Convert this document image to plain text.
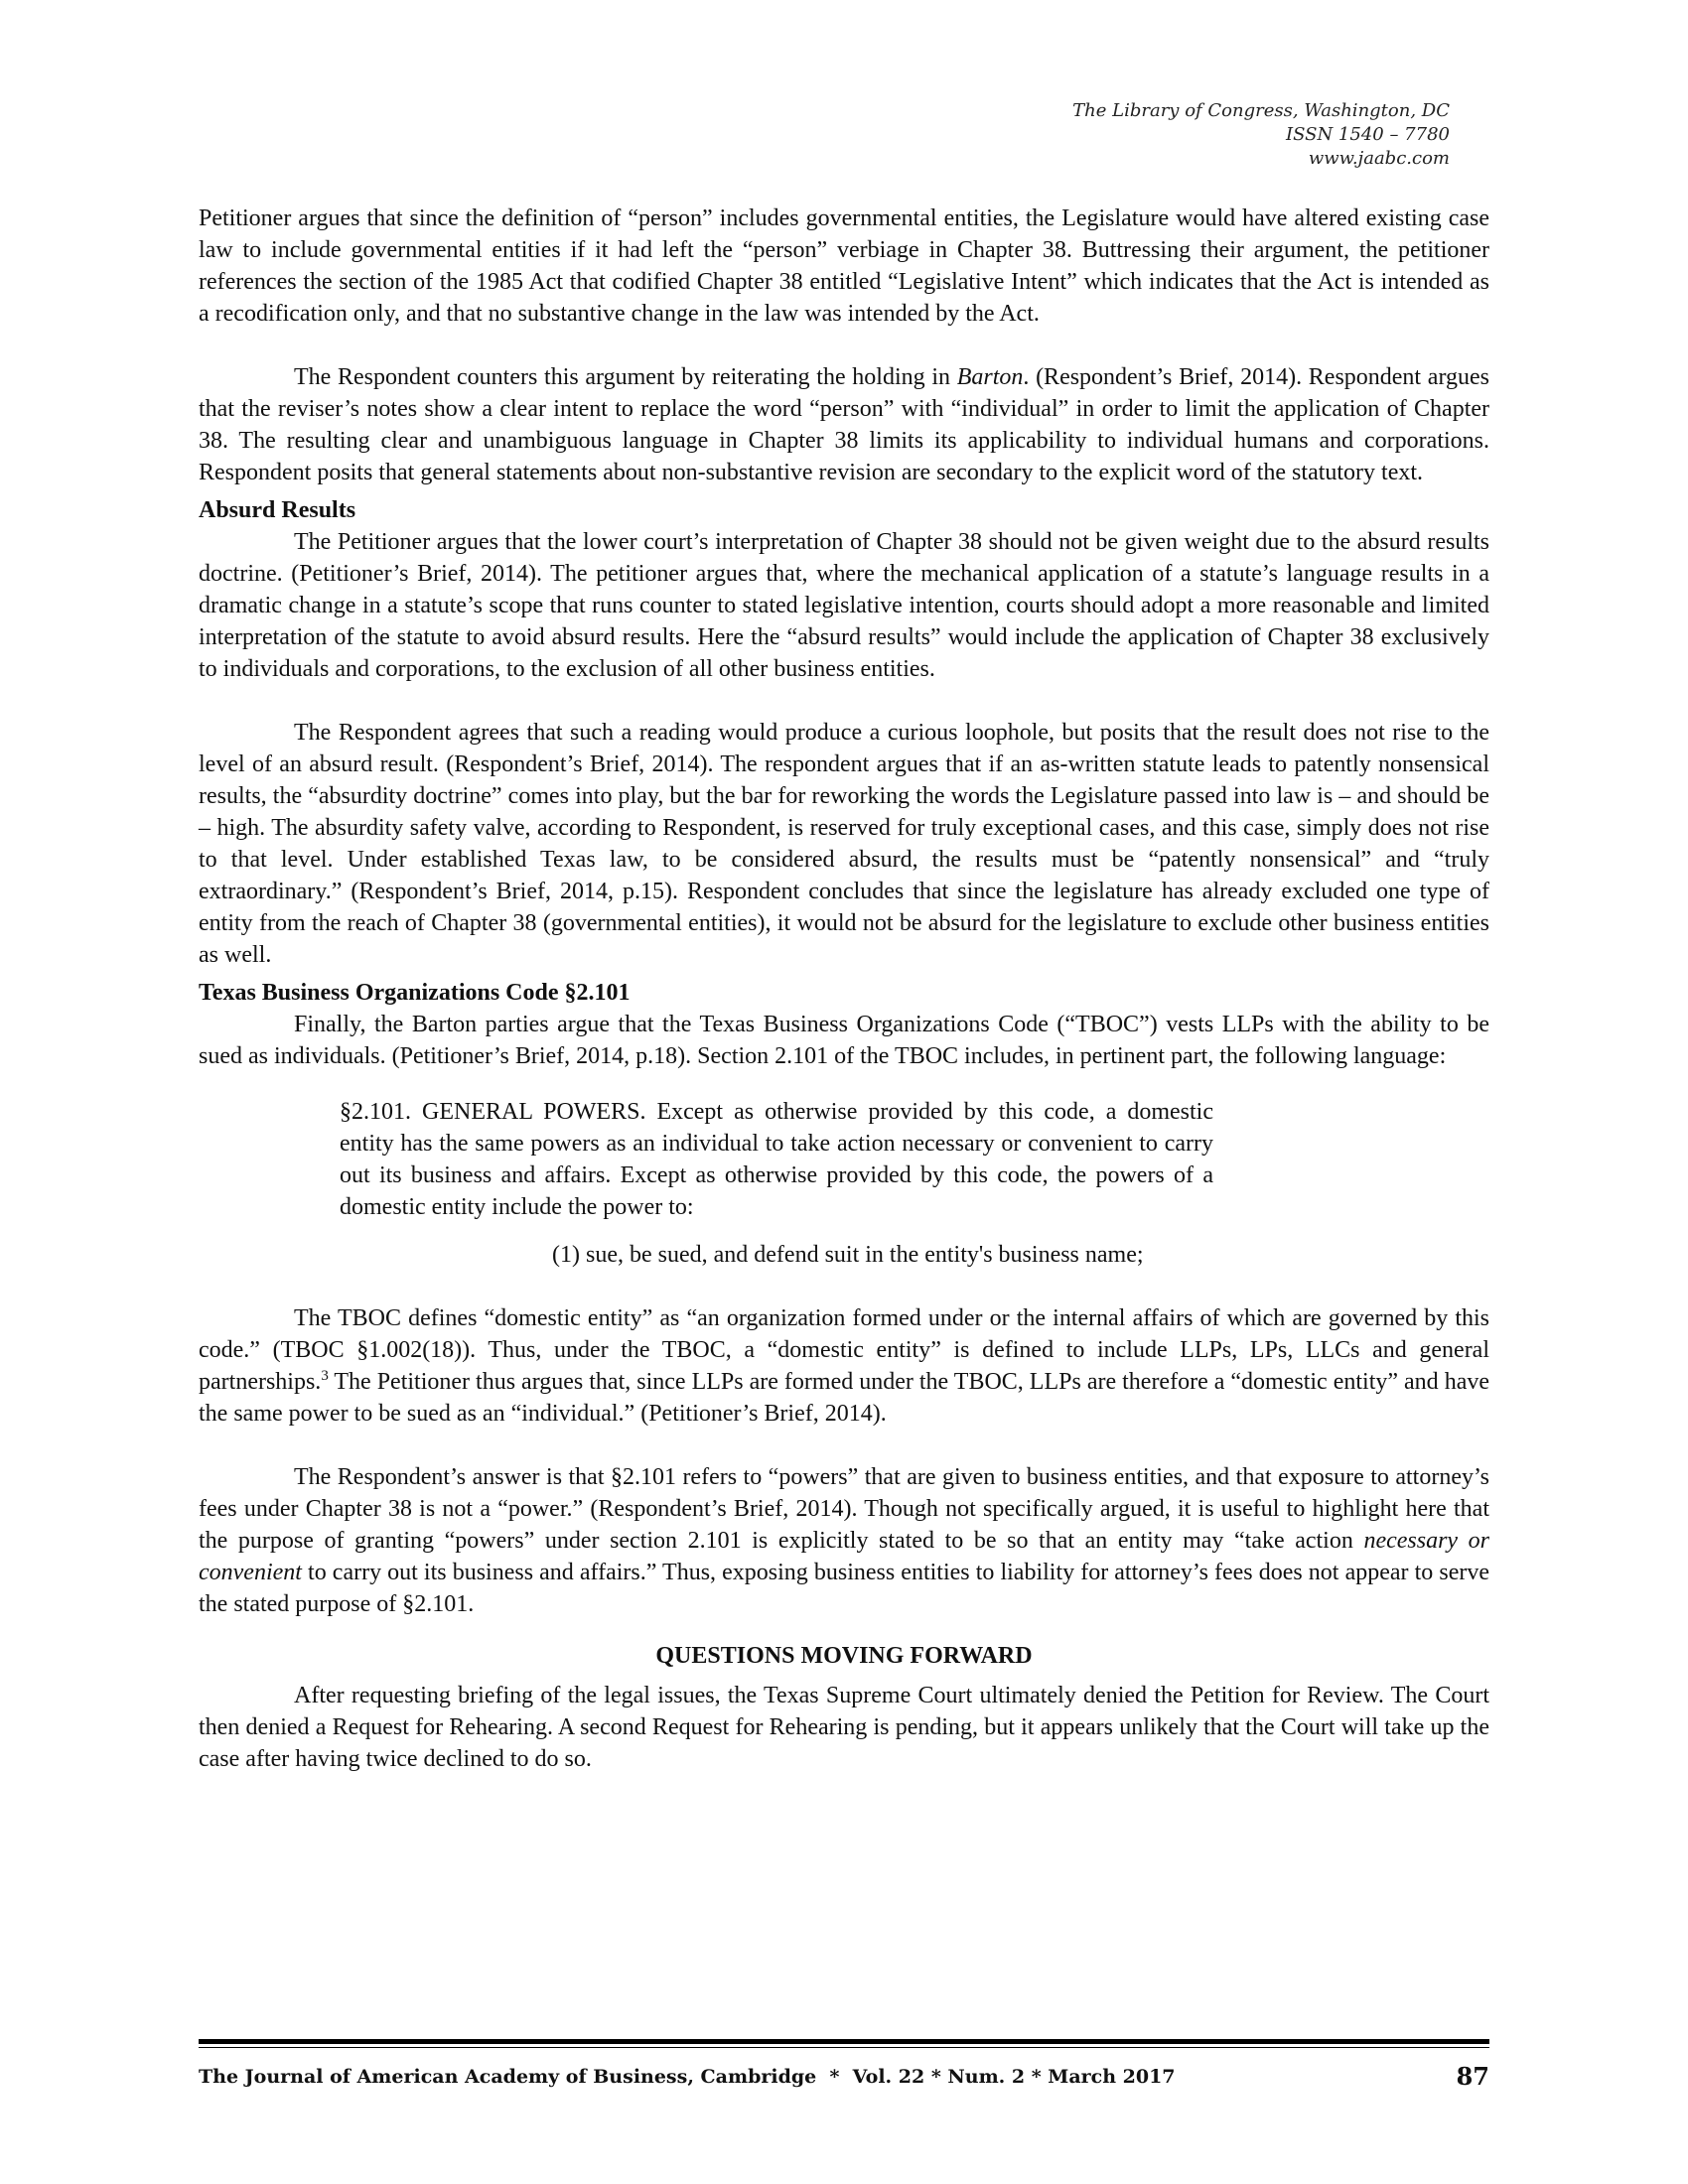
The Library of Congress, Washington, DC
ISSN 1540 – 7780
www.jaabc.com

Petitioner argues that since the definition of “person” includes governmental entities, the Legislature would have altered existing case law to include governmental entities if it had left the “person” verbiage in Chapter 38. Buttressing their argument, the petitioner references the section of the 1985 Act that codified Chapter 38 entitled “Legislative Intent” which indicates that the Act is intended as a recodification only, and that no substantive change in the law was intended by the Act.

The Respondent counters this argument by reiterating the holding in Barton. (Respondent’s Brief, 2014). Respondent argues that the reviser’s notes show a clear intent to replace the word “person” with “individual” in order to limit the application of Chapter 38. The resulting clear and unambiguous language in Chapter 38 limits its applicability to individual humans and corporations. Respondent posits that general statements about non-substantive revision are secondary to the explicit word of the statutory text.

Absurd Results

The Petitioner argues that the lower court’s interpretation of Chapter 38 should not be given weight due to the absurd results doctrine. (Petitioner’s Brief, 2014). The petitioner argues that, where the mechanical application of a statute’s language results in a dramatic change in a statute’s scope that runs counter to stated legislative intention, courts should adopt a more reasonable and limited interpretation of the statute to avoid absurd results. Here the “absurd results” would include the application of Chapter 38 exclusively to individuals and corporations, to the exclusion of all other business entities.

The Respondent agrees that such a reading would produce a curious loophole, but posits that the result does not rise to the level of an absurd result. (Respondent’s Brief, 2014). The respondent argues that if an as-written statute leads to patently nonsensical results, the “absurdity doctrine” comes into play, but the bar for reworking the words the Legislature passed into law is – and should be – high. The absurdity safety valve, according to Respondent, is reserved for truly exceptional cases, and this case, simply does not rise to that level. Under established Texas law, to be considered absurd, the results must be “patently nonsensical” and “truly extraordinary.” (Respondent’s Brief, 2014, p.15). Respondent concludes that since the legislature has already excluded one type of entity from the reach of Chapter 38 (governmental entities), it would not be absurd for the legislature to exclude other business entities as well.

Texas Business Organizations Code §2.101

Finally, the Barton parties argue that the Texas Business Organizations Code (“TBOC”) vests LLPs with the ability to be sued as individuals. (Petitioner’s Brief, 2014, p.18). Section 2.101 of the TBOC includes, in pertinent part, the following language:

§2.101. GENERAL POWERS. Except as otherwise provided by this code, a domestic entity has the same powers as an individual to take action necessary or convenient to carry out its business and affairs. Except as otherwise provided by this code, the powers of a domestic entity include the power to:

(1) sue, be sued, and defend suit in the entity's business name;

The TBOC defines “domestic entity” as “an organization formed under or the internal affairs of which are governed by this code.” (TBOC §1.002(18)). Thus, under the TBOC, a “domestic entity” is defined to include LLPs, LPs, LLCs and general partnerships.$^3$ The Petitioner thus argues that, since LLPs are formed under the TBOC, LLPs are therefore a “domestic entity” and have the same power to be sued as an “individual.” (Petitioner’s Brief, 2014).

The Respondent’s answer is that §2.101 refers to “powers” that are given to business entities, and that exposure to attorney’s fees under Chapter 38 is not a “power.” (Respondent’s Brief, 2014). Though not specifically argued, it is useful to highlight here that the purpose of granting “powers” under section 2.101 is explicitly stated to be so that an entity may “take action necessary or convenient to carry out its business and affairs.” Thus, exposing business entities to liability for attorney’s fees does not appear to serve the stated purpose of §2.101.

QUESTIONS MOVING FORWARD

After requesting briefing of the legal issues, the Texas Supreme Court ultimately denied the Petition for Review. The Court then denied a Request for Rehearing. A second Request for Rehearing is pending, but it appears unlikely that the Court will take up the case after having twice declined to do so.

The Journal of American Academy of Business, Cambridge  *  Vol. 22 * Num. 2 * March 2017	87
